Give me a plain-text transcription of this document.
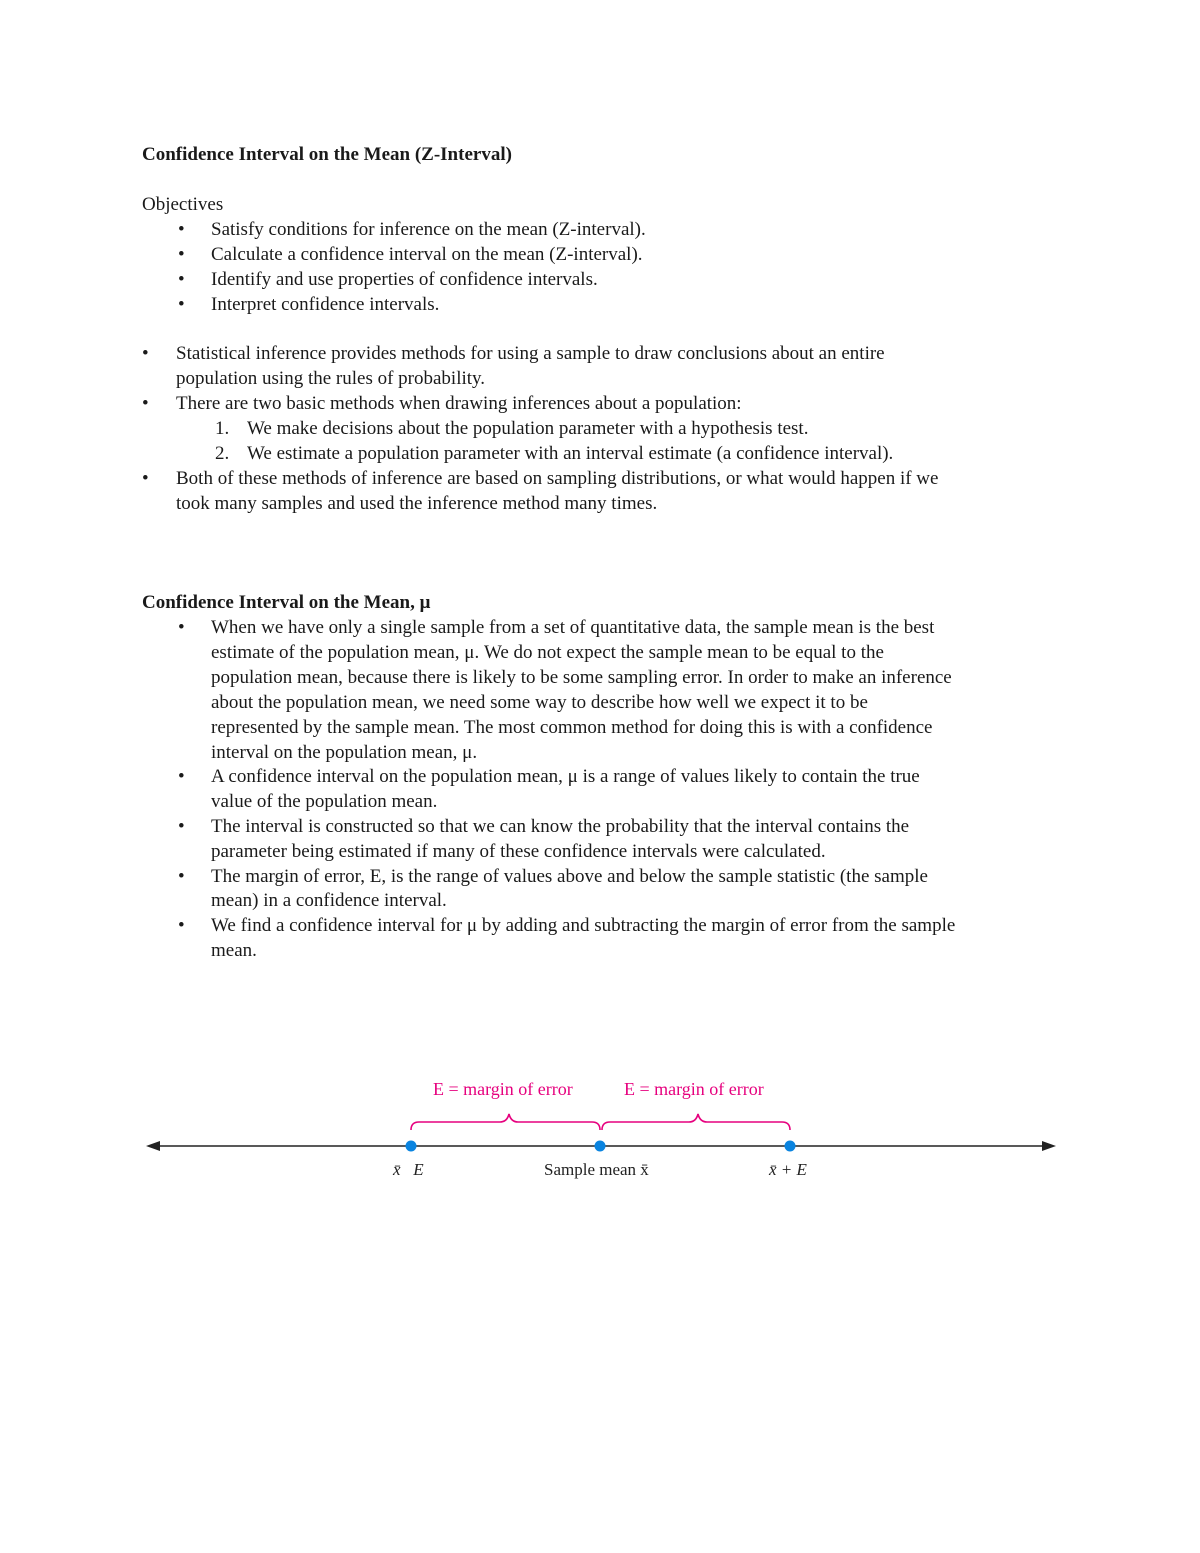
Confidence Interval on the Mean (Z-Interval)
Objectives
• Satisfy conditions for inference on the mean (Z-interval).
• Calculate a confidence interval on the mean (Z-interval).
• Identify and use properties of confidence intervals.
• Interpret confidence intervals.
• Statistical inference provides methods for using a sample to draw conclusions about an entire
population using the rules of probability.
• There are two basic methods when drawing inferences about a population:
1. We make decisions about the population parameter with a hypothesis test.
2. We estimate a population parameter with an interval estimate (a confidence interval).
• Both of these methods of inference are based on sampling distributions, or what would happen if we
took many samples and used the inference method many times.
Confidence Interval on the Mean, μ
• When we have only a single sample from a set of quantitative data, the sample mean is the best
estimate of the population mean, μ. We do not expect the sample mean to be equal to the
population mean, because there is likely to be some sampling error. In order to make an inference
about the population mean, we need some way to describe how well we expect it to be
represented by the sample mean. The most common method for doing this is with a confidence
interval on the population mean, μ.
• A confidence interval on the population mean, μ is a range of values likely to contain the true
value of the population mean.
• The interval is constructed so that we can know the probability that the interval contains the
parameter being estimated if many of these confidence intervals were calculated.
• The margin of error, E, is the range of values above and below the sample statistic (the sample
mean) in a confidence interval.
• We find a confidence interval for μ by adding and subtracting the margin of error from the sample
mean.
E = margin of error	E = margin of error
x̄   E	Sample mean x̄	x̄ + E
